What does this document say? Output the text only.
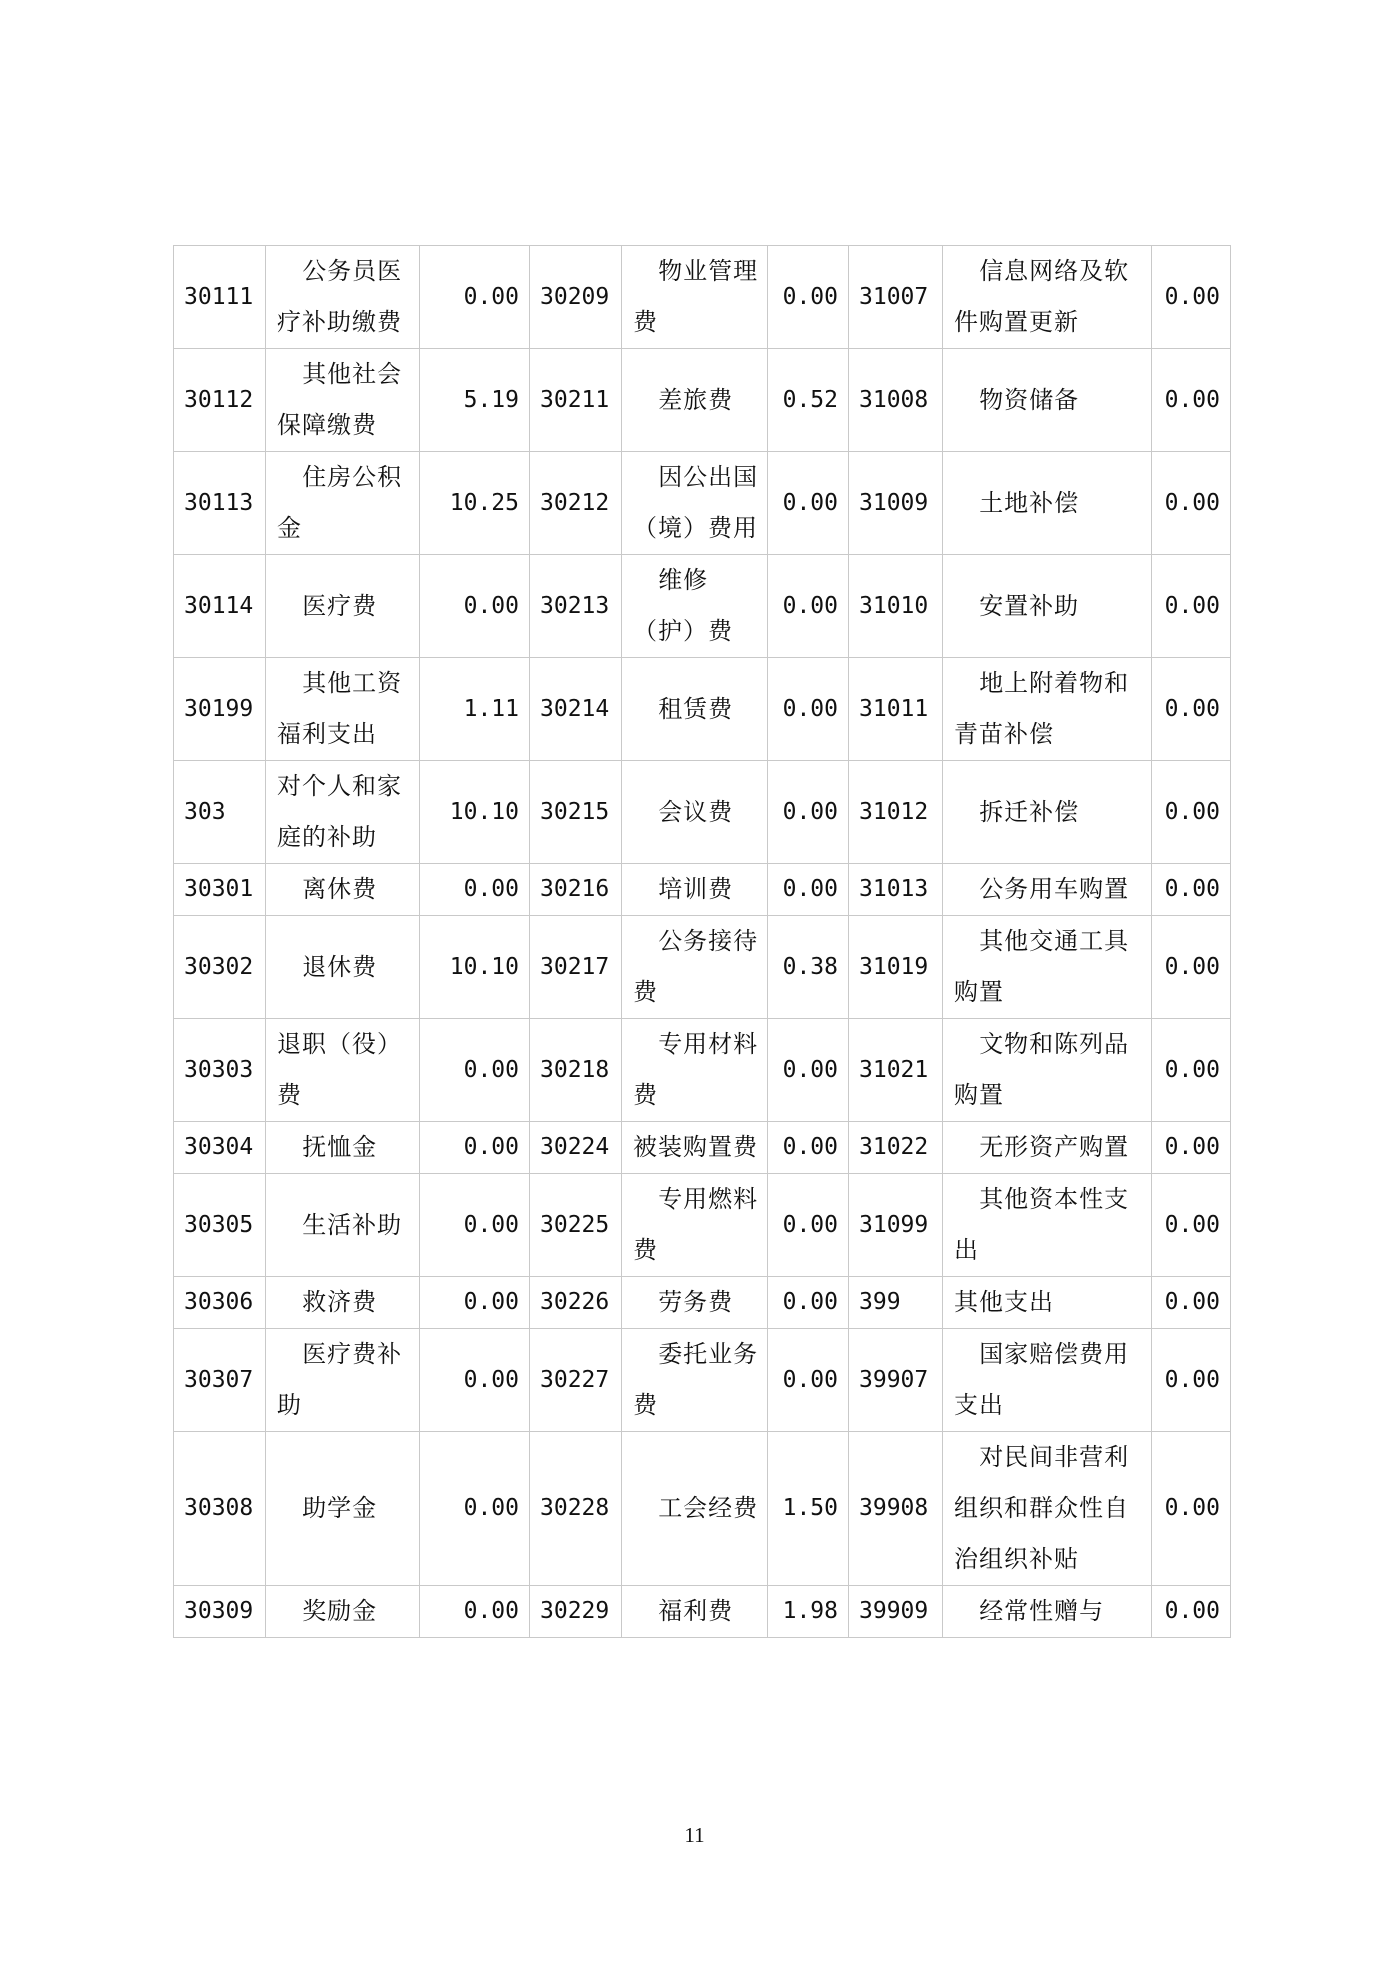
30111	公务员医疗补助缴费	0.00	30209	物业管理费	0.00	31007	信息网络及软件购置更新	0.00
30112	其他社会保障缴费	5.19	30211	差旅费	0.52	31008	物资储备	0.00
30113	住房公积金	10.25	30212	因公出国（境）费用	0.00	31009	土地补偿	0.00
30114	医疗费	0.00	30213	维修（护）费	0.00	31010	安置补助	0.00
30199	其他工资福利支出	1.11	30214	租赁费	0.00	31011	地上附着物和青苗补偿	0.00
303	对个人和家庭的补助	10.10	30215	会议费	0.00	31012	拆迁补偿	0.00
30301	离休费	0.00	30216	培训费	0.00	31013	公务用车购置	0.00
30302	退休费	10.10	30217	公务接待费	0.38	31019	其他交通工具购置	0.00
30303	退职（役）费	0.00	30218	专用材料费	0.00	31021	文物和陈列品购置	0.00
30304	抚恤金	0.00	30224	被装购置费	0.00	31022	无形资产购置	0.00
30305	生活补助	0.00	30225	专用燃料费	0.00	31099	其他资本性支出	0.00
30306	救济费	0.00	30226	劳务费	0.00	399	其他支出	0.00
30307	医疗费补助	0.00	30227	委托业务费	0.00	39907	国家赔偿费用支出	0.00
30308	助学金	0.00	30228	工会经费	1.50	39908	对民间非营利组织和群众性自治组织补贴	0.00
30309	奖励金	0.00	30229	福利费	1.98	39909	经常性赠与	0.00
11
